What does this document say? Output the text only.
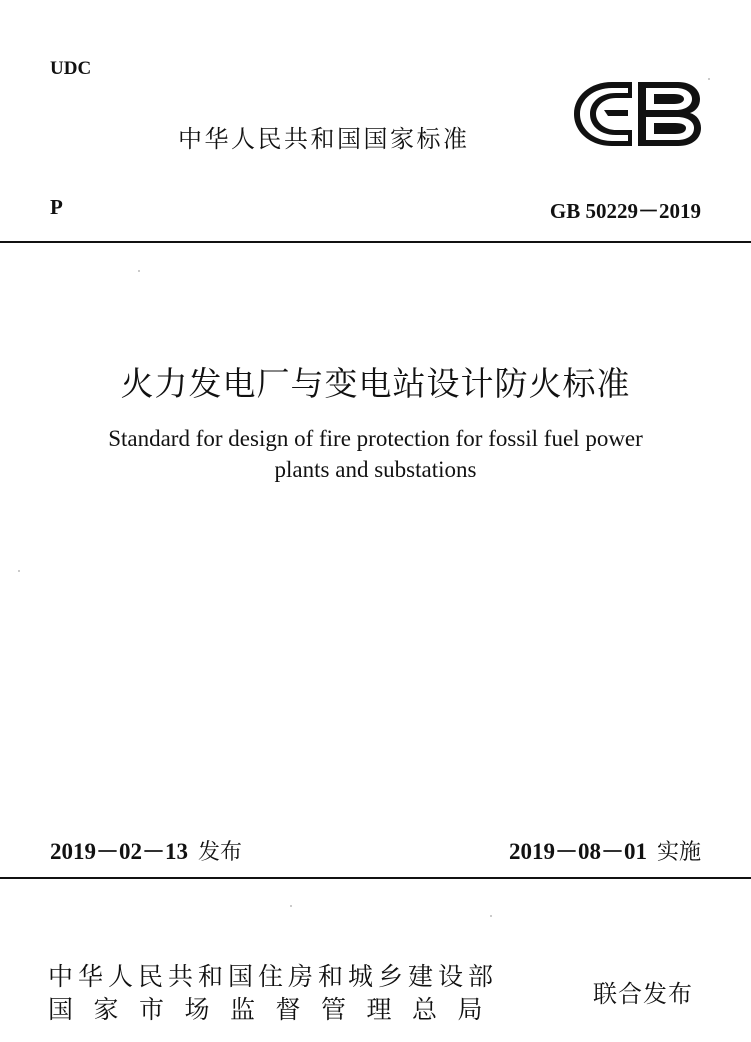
UDC
中华人民共和国国家标准
P	GB 50229－2019
火力发电厂与变电站设计防火标准
Standard for design of fire protection for fossil fuel power
plants and substations
2019－02－13 发布	2019－08－01 实施
中华人民共和国住房和城乡建设部
国家市场监督管理总局
联合发布
